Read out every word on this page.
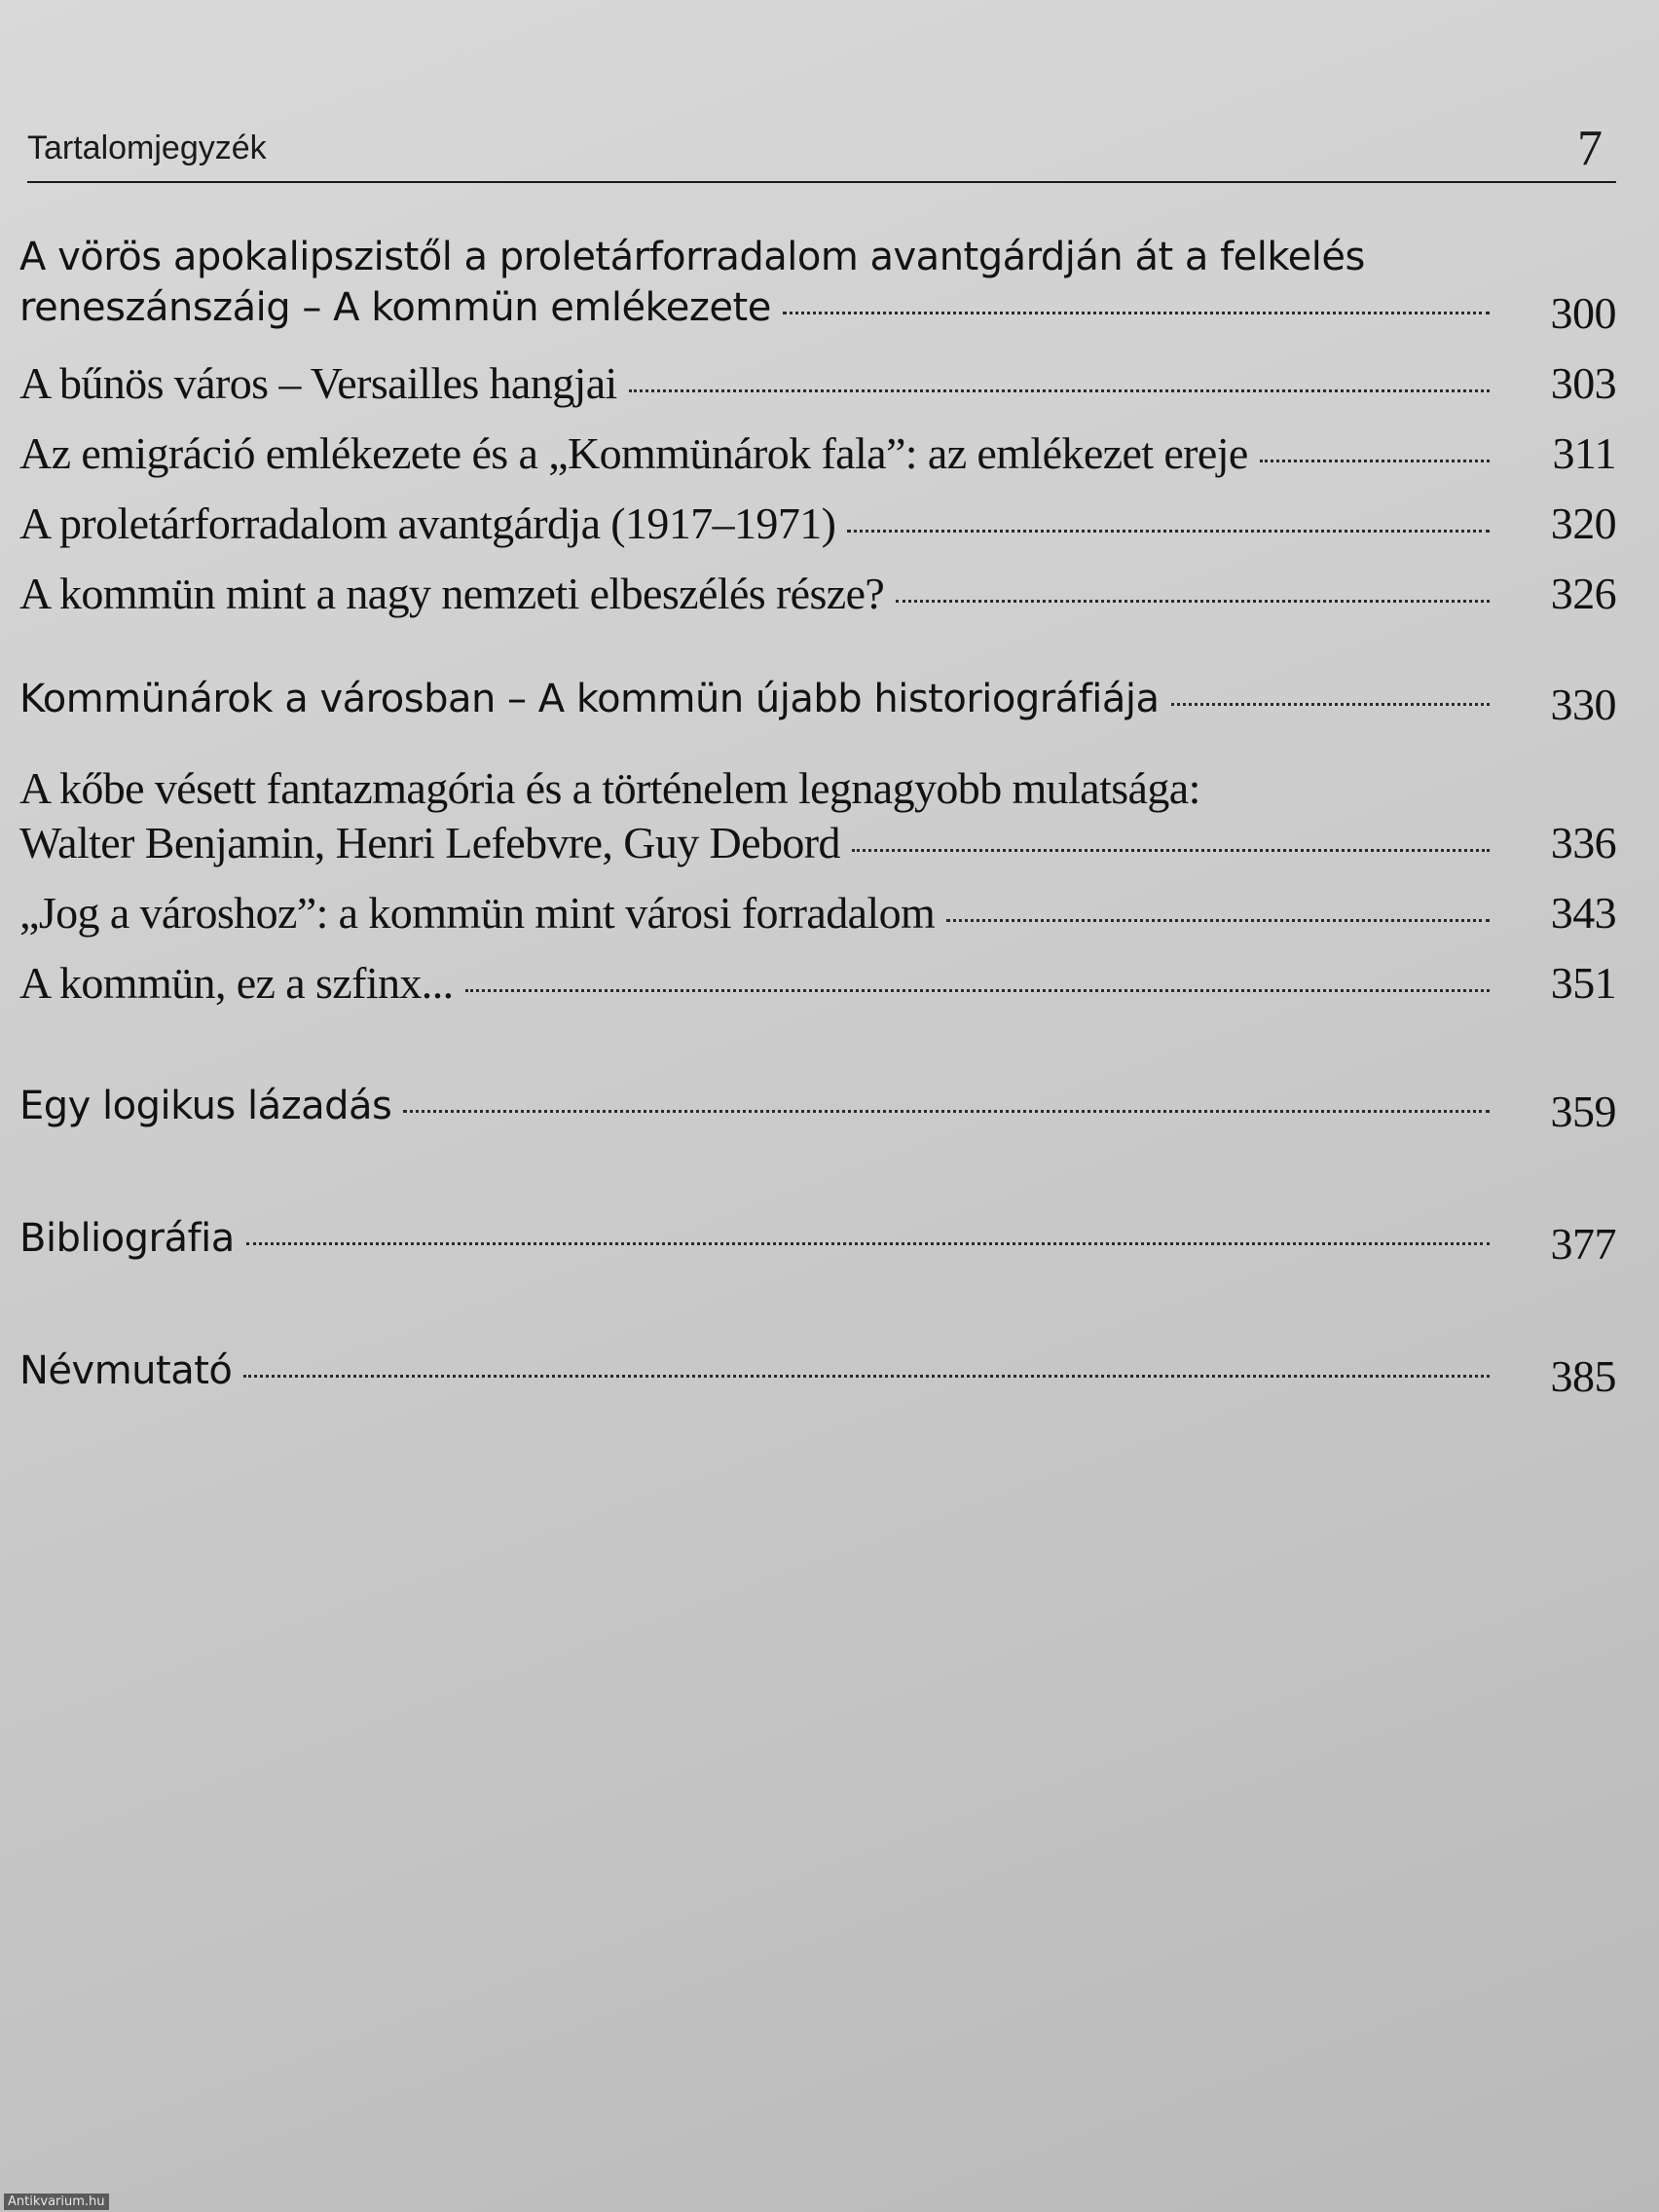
Tartalomjegyzék	7
A vörös apokalipszistől a proletárforradalom avantgárdján át a felkelés
reneszánszáig – A kommün emlékezete	300
A bűnös város – Versailles hangjai	303
Az emigráció emlékezete és a „Kommünárok fala”: az emlékezet ereje	311
A proletárforradalom avantgárdja (1917–1971)	320
A kommün mint a nagy nemzeti elbeszélés része?	326
Kommünárok a városban – A kommün újabb historiográfiája	330
A kőbe vésett fantazmagória és a történelem legnagyobb mulatsága:
Walter Benjamin, Henri Lefebvre, Guy Debord	336
„Jog a városhoz”: a kommün mint városi forradalom	343
A kommün, ez a szfinx...	351
Egy logikus lázadás	359
Bibliográfia	377
Névmutató	385
Antikvarium.hu
